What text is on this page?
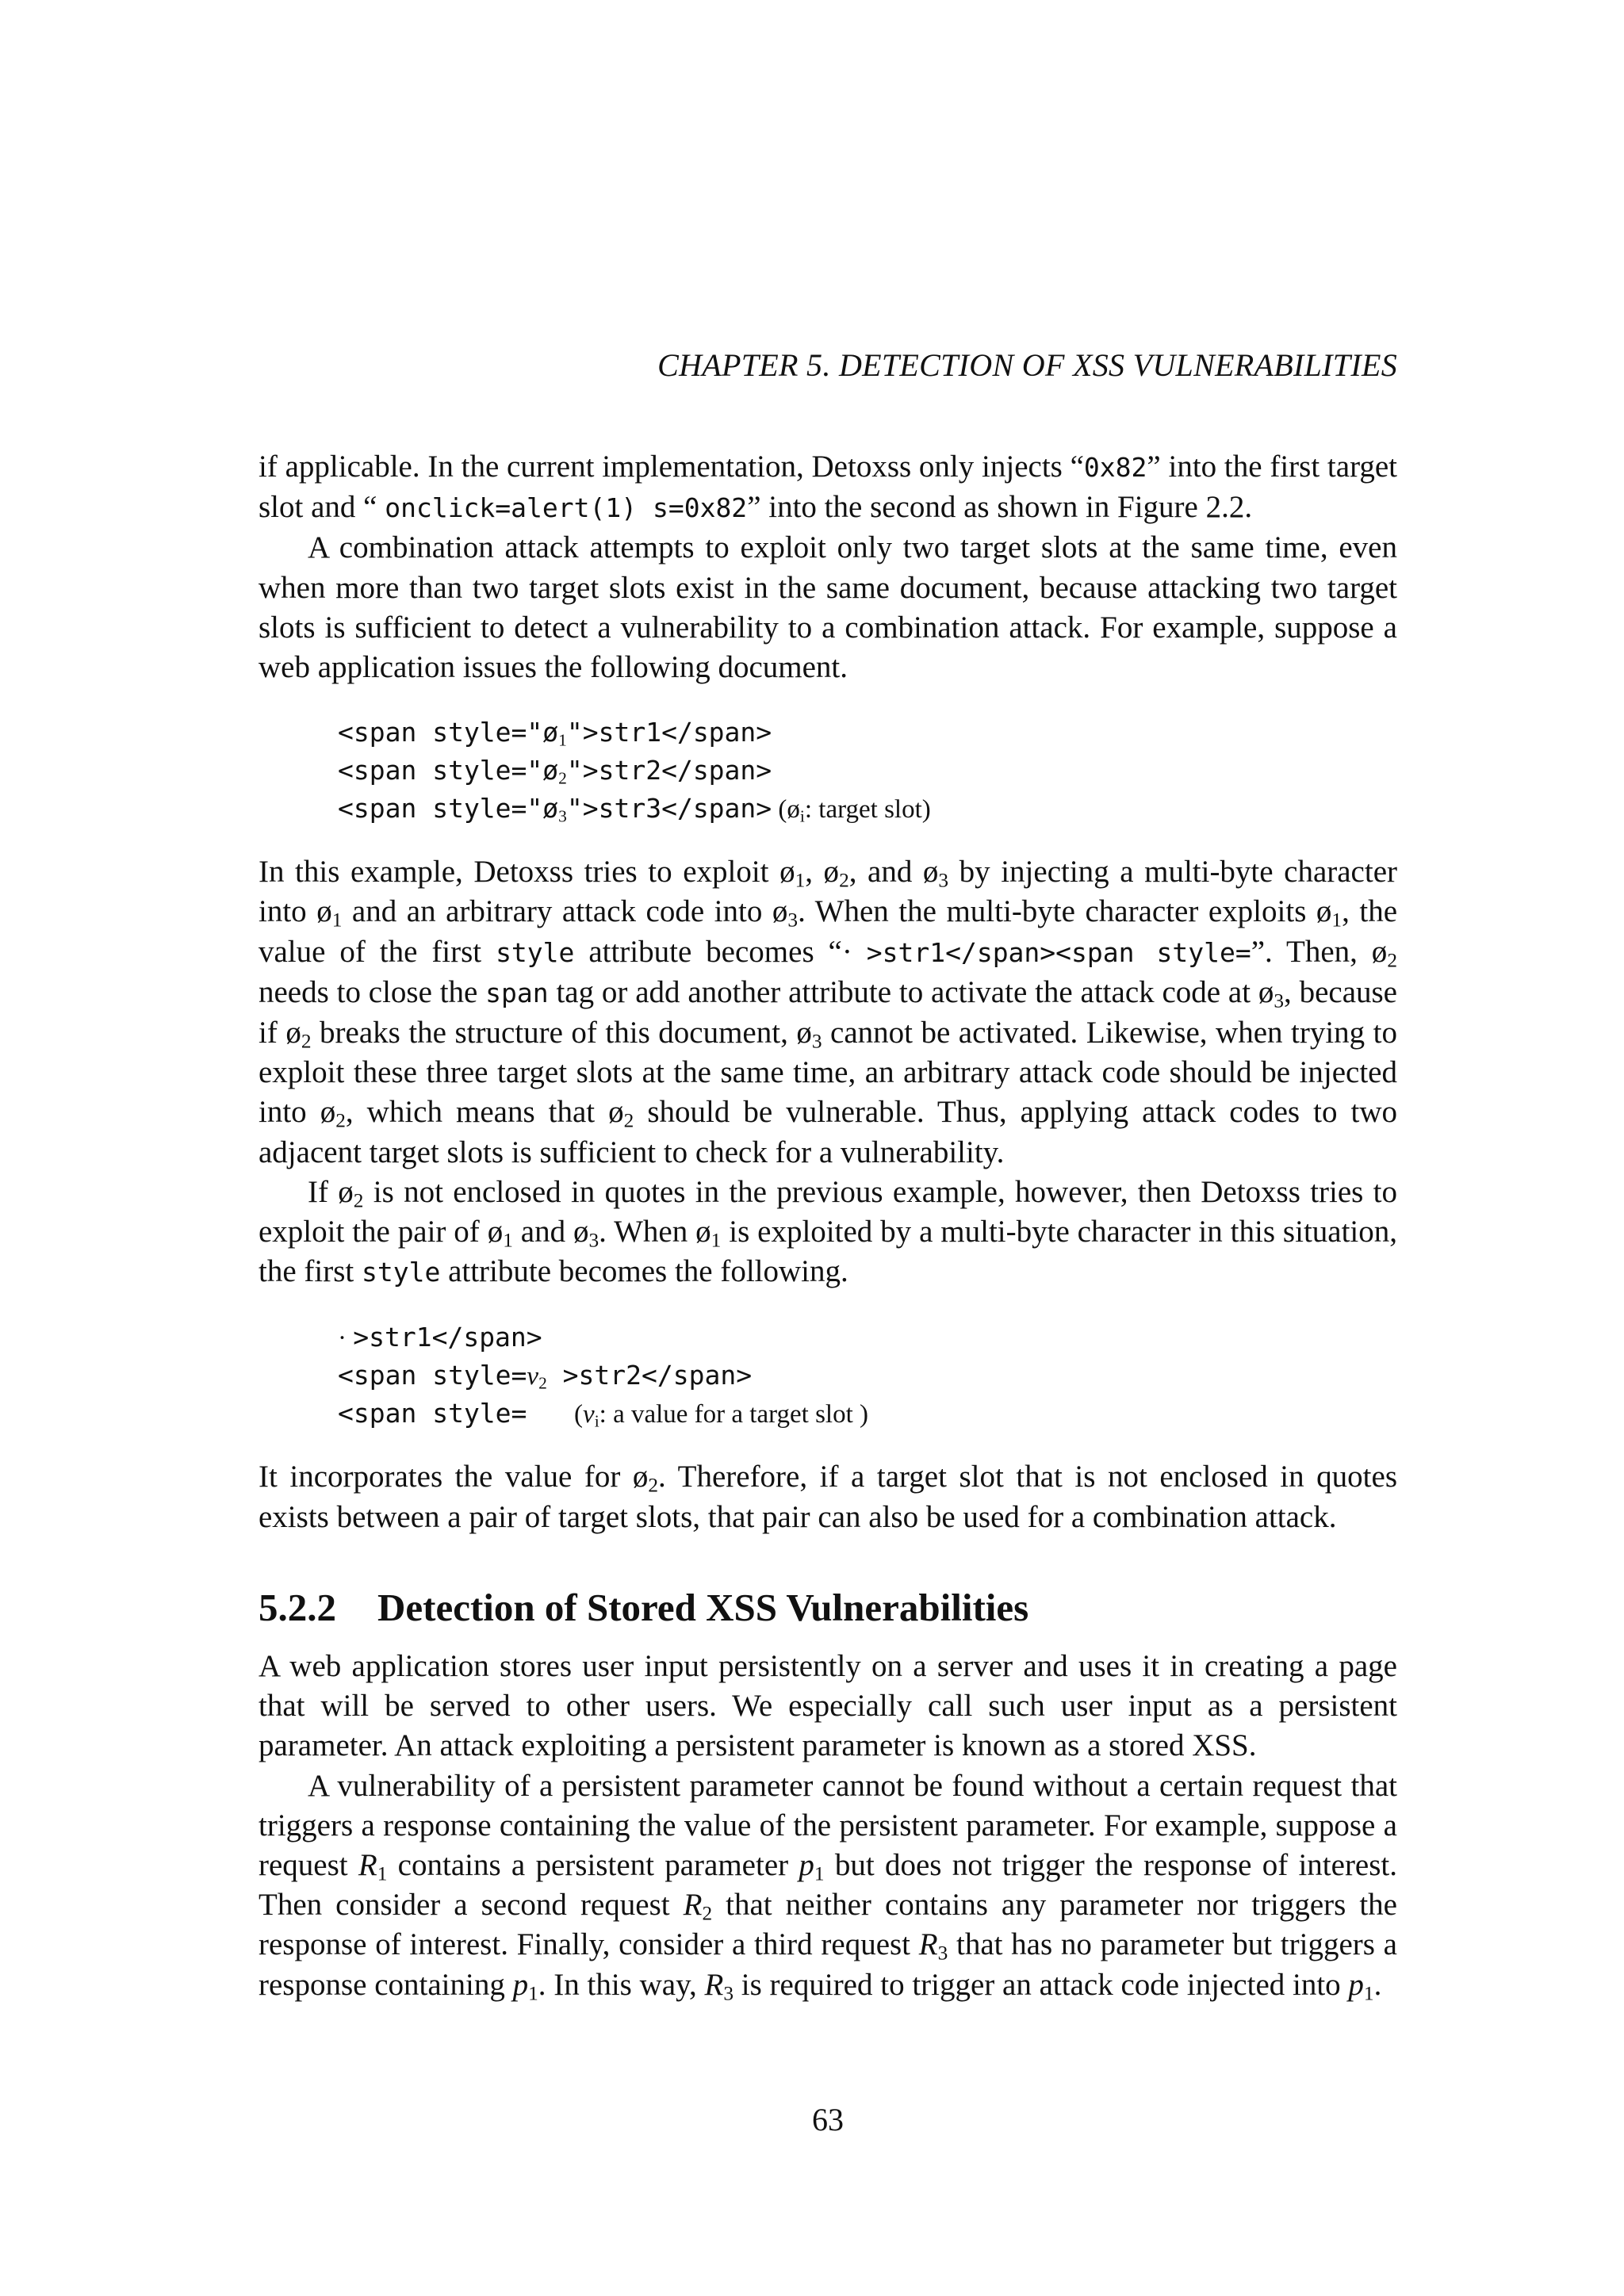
CHAPTER 5. DETECTION OF XSS VULNERABILITIES

if applicable. In the current implementation, Detoxss only injects “0x82” into the first target slot and “ onclick=alert(1) s=0x82” into the second as shown in Figure 2.2.

A combination attack attempts to exploit only two target slots at the same time, even when more than two target slots exist in the same document, because attacking two target slots is sufficient to detect a vulnerability to a combination attack. For example, suppose a web application issues the following document.

<span $style="ø_1">str1</span>$
<span $style="ø_2">str2</span>$
<span $style="ø_3">str3</span>$ ($ø_i$: target slot)

In this example, Detoxss tries to exploit $ø_1$, $ø_2$, and $ø_3$ by injecting a multi-byte character into $ø_1$ and an arbitrary attack code into $ø_3$. When the multi-byte character exploits $ø_1$, the value of the first style attribute becomes “· >str1</span><span style=”. Then, $ø_2$ needs to close the span tag or add another attribute to activate the attack code at $ø_3$, because if $ø_2$ breaks the structure of this document, $ø_3$ cannot be activated. Likewise, when trying to exploit these three target slots at the same time, an arbitrary attack code should be injected into $ø_2$, which means that $ø_2$ should be vulnerable. Thus, applying attack codes to two adjacent target slots is sufficient to check for a vulnerability.

If $ø_2$ is not enclosed in quotes in the previous example, however, then Detoxss tries to exploit the pair of $ø_1$ and $ø_3$. When $ø_1$ is exploited by a multi-byte character in this situation, the first style attribute becomes the following.

· >str1</span>
<span $style=v_2$ >str2</span>
<span style= ($v_i$: a value for a target slot )

It incorporates the value for $ø_2$. Therefore, if a target slot that is not enclosed in quotes exists between a pair of target slots, that pair can also be used for a combination attack.

5.2.2 Detection of Stored XSS Vulnerabilities

A web application stores user input persistently on a server and uses it in creating a page that will be served to other users. We especially call such user input as a persistent parameter. An attack exploiting a persistent parameter is known as a stored XSS.

A vulnerability of a persistent parameter cannot be found without a certain request that triggers a response containing the value of the persistent parameter. For example, suppose a request $R_1$ contains a persistent parameter $p_1$ but does not trigger the response of interest. Then consider a second request $R_2$ that neither contains any parameter nor triggers the response of interest. Finally, consider a third request $R_3$ that has no parameter but triggers a response containing $p_1$. In this way, $R_3$ is required to trigger an attack code injected into $p_1$.

63
